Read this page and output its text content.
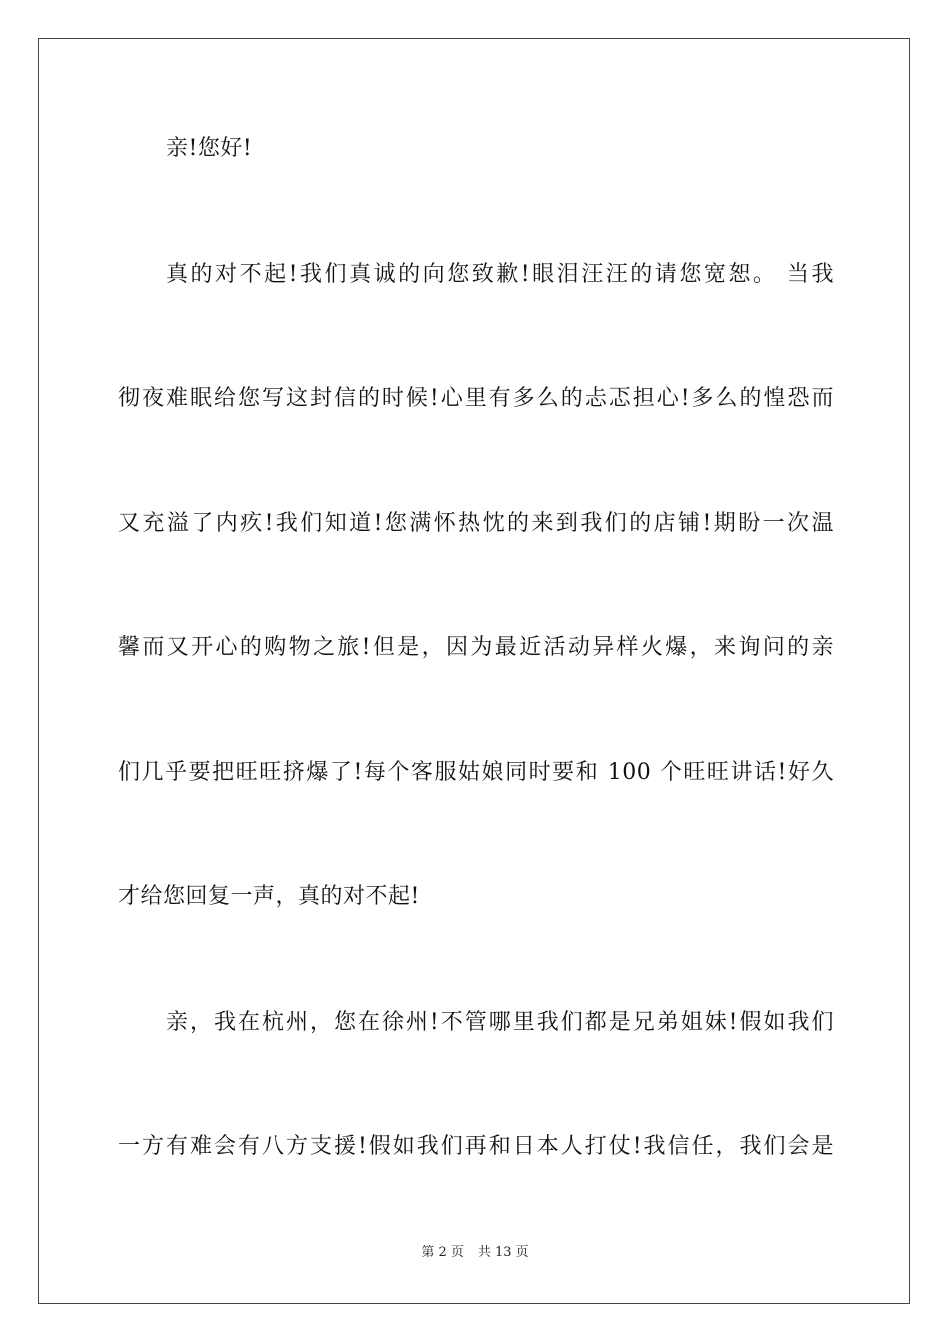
亲!您好!
真的对不起!我们真诚的向您致歉!眼泪汪汪的请您宽恕。 当我
彻夜难眠给您写这封信的时候!心里有多么的忐忑担心!多么的惶恐而
又充溢了内疚!我们知道!您满怀热忱的来到我们的店铺!期盼一次温
馨而又开心的购物之旅!但是，因为最近活动异样火爆，来询问的亲
们几乎要把旺旺挤爆了!每个客服姑娘同时要和 100 个旺旺讲话!好久
才给您回复一声，真的对不起!
亲，我在杭州，您在徐州!不管哪里我们都是兄弟姐妹!假如我们
一方有难会有八方支援!假如我们再和日本人打仗!我信任，我们会是
第 2 页 共 13 页
